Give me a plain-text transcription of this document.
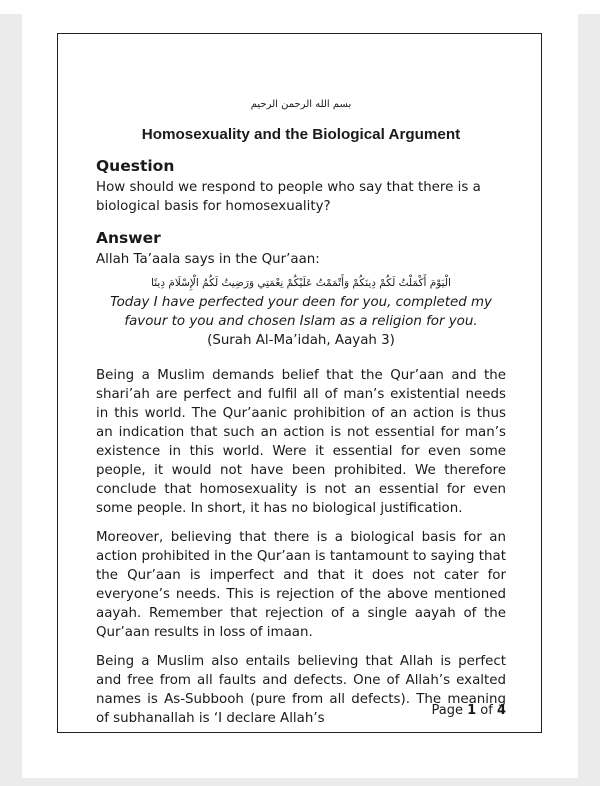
بسم الله الرحمن الرحيم
Homosexuality and the Biological Argument
Question

How should we respond to people who say that there is a biological basis for homosexuality?

Answer

Allah Ta’aala says in the Qur’aan:

الْيَوْمَ أَكْمَلْتُ لَكُمْ دِينَكُمْ وَأَتْمَمْتُ عَلَيْكُمْ نِعْمَتِي وَرَضِيتُ لَكُمُ الْإِسْلَامَ دِينًا

Today I have perfected your deen for you, completed my favour to you and chosen Islam as a religion for you.

(Surah Al-Ma’idah, Aayah 3)

Being a Muslim demands belief that the Qur’aan and the shari’ah are perfect and fulfil all of man’s existential needs in this world. The Qur’aanic prohibition of an action is thus an indication that such an action is not essential for man’s existence in this world. Were it essential for even some people, it would not have been prohibited. We therefore conclude that homosexuality is not an essential for even some people. In short, it has no biological justification.

Moreover, believing that there is a biological basis for an action prohibited in the Qur’aan is tantamount to saying that the Qur’aan is imperfect and that it does not cater for everyone’s needs. This is rejection of the above mentioned aayah. Remember that rejection of a single aayah of the Qur’aan results in loss of imaan.

Being a Muslim also entails believing that Allah is perfect and free from all faults and defects. One of Allah’s exalted names is As-Subbooh (pure from all defects). The meaning of subhanallah is ‘I declare Allah’s

Page 1 of 4
